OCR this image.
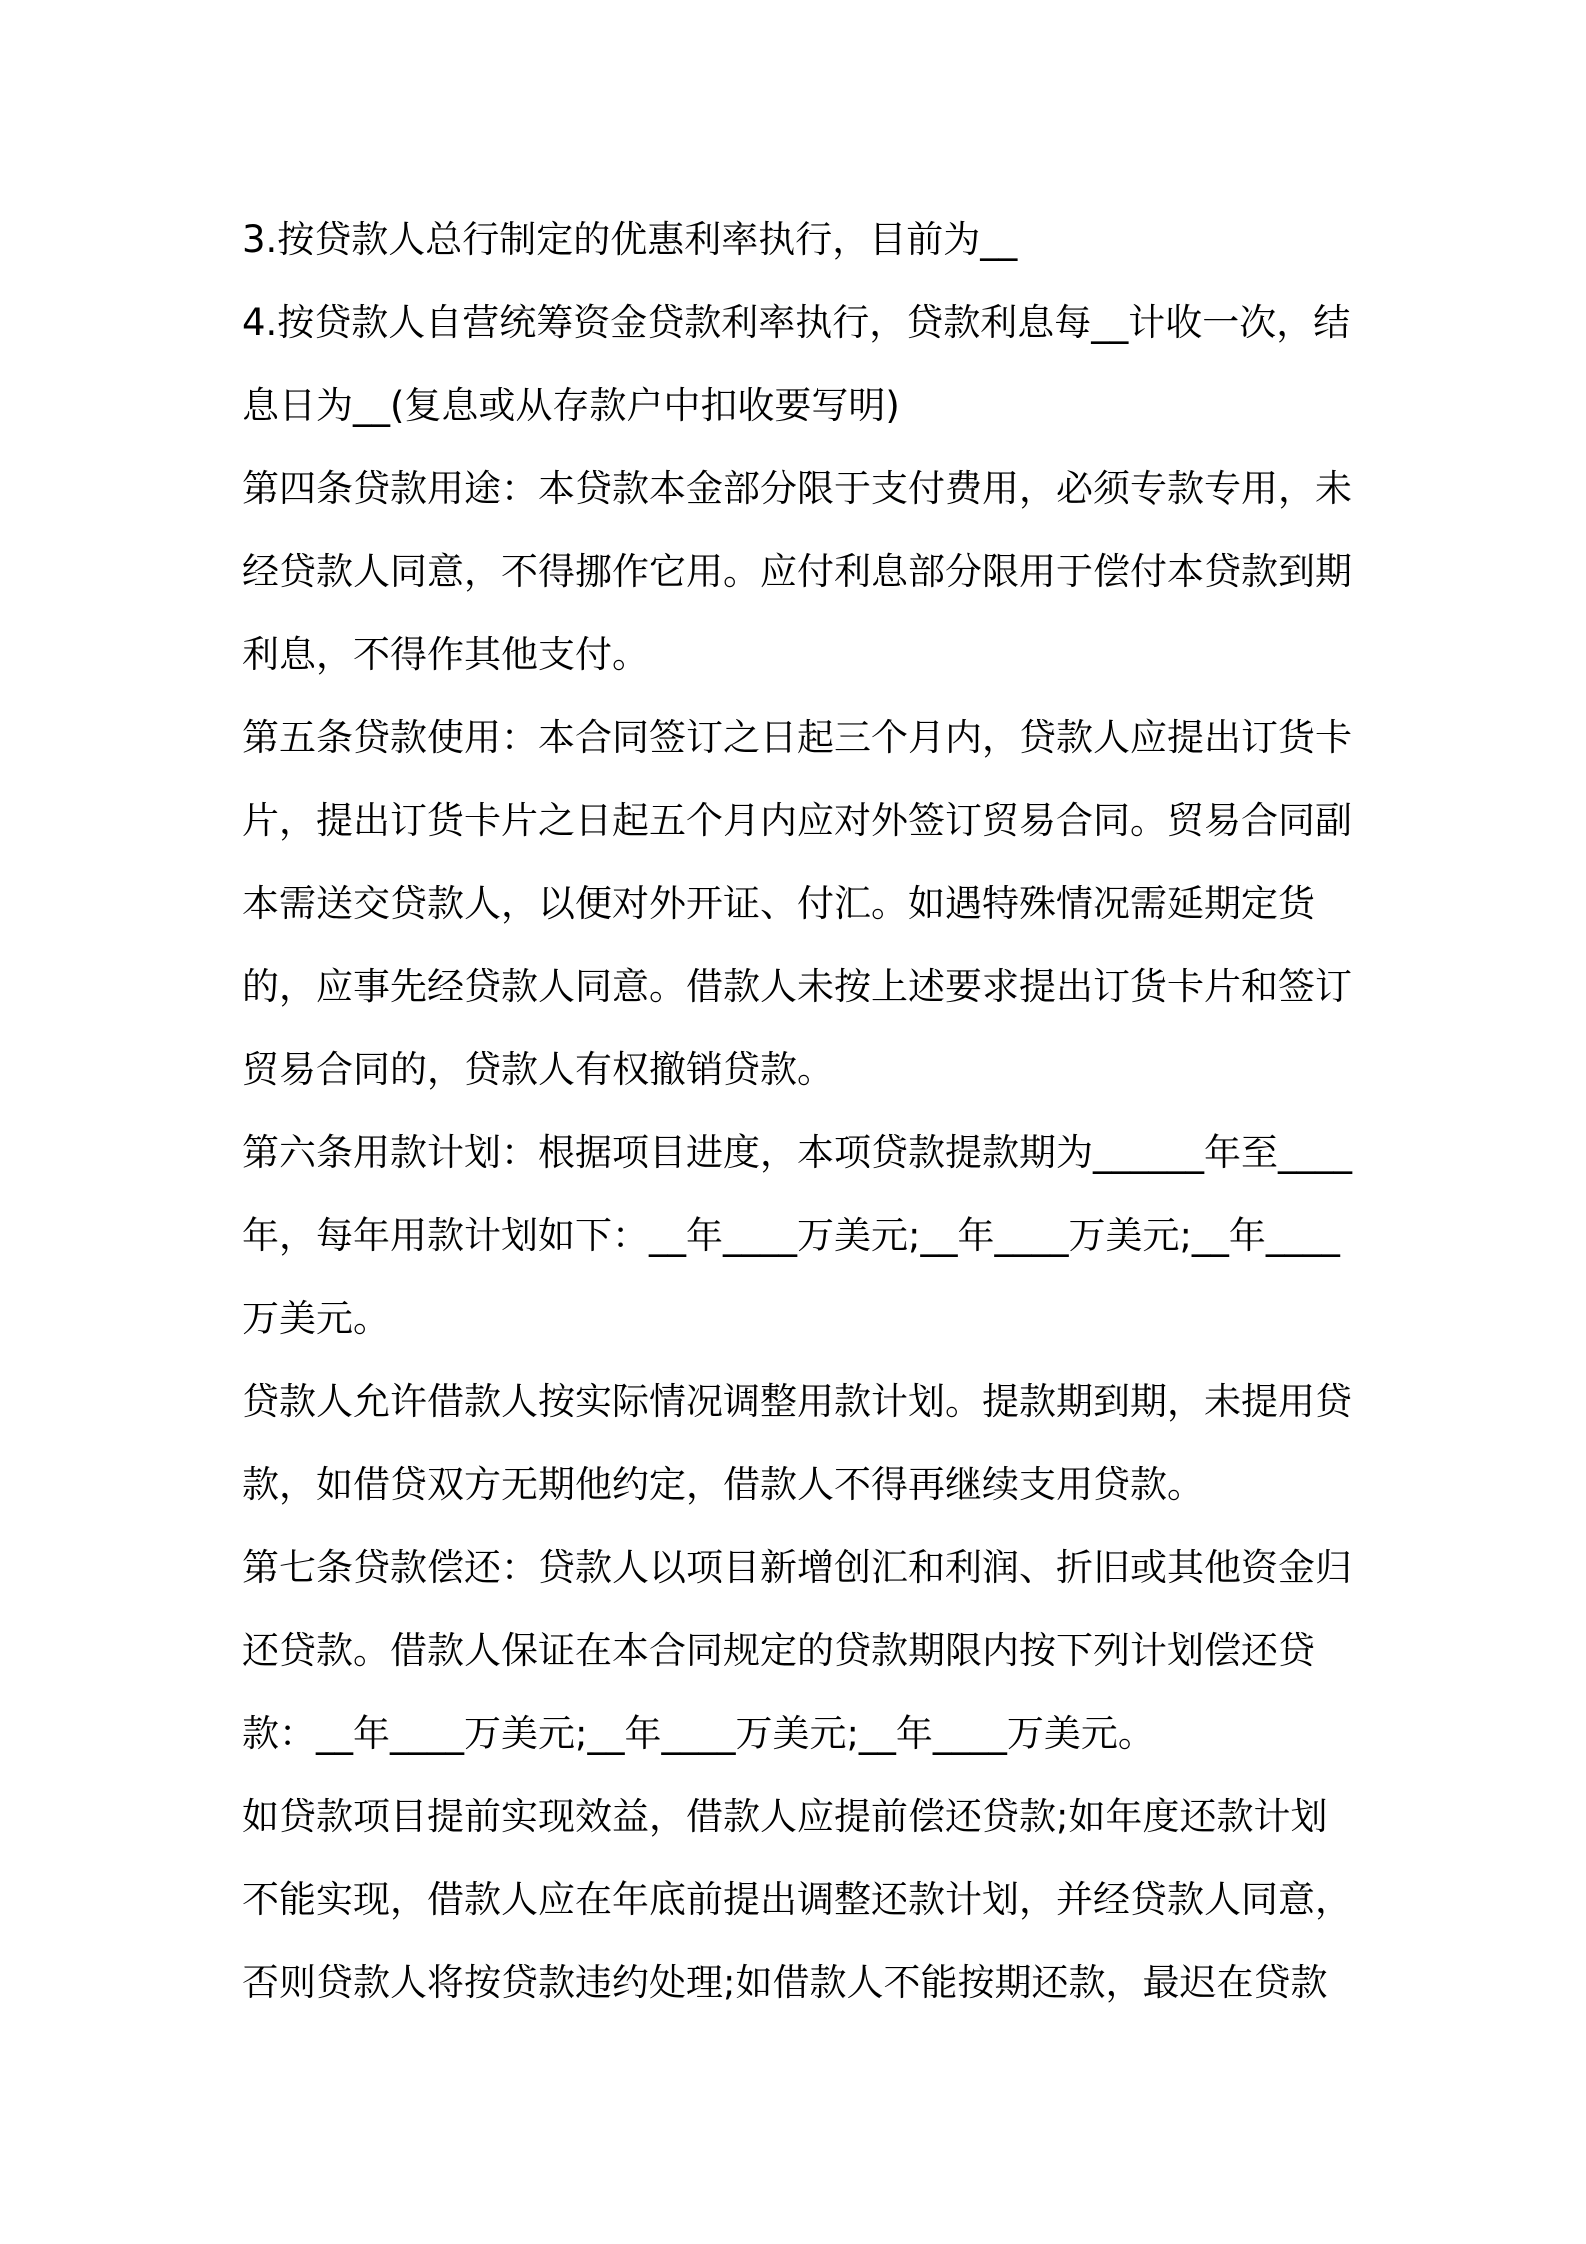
3.按贷款人总行制定的优惠利率执行，目前为__

4.按贷款人自营统筹资金贷款利率执行，贷款利息每__计收一次，结息日为__(复息或从存款户中扣收要写明)

第四条贷款用途：本贷款本金部分限于支付费用，必须专款专用，未经贷款人同意，不得挪作它用。应付利息部分限用于偿付本贷款到期利息，不得作其他支付。

第五条贷款使用：本合同签订之日起三个月内，贷款人应提出订货卡片，提出订货卡片之日起五个月内应对外签订贸易合同。贸易合同副本需送交贷款人，以便对外开证、付汇。如遇特殊情况需延期定货的，应事先经贷款人同意。借款人未按上述要求提出订货卡片和签订贸易合同的，贷款人有权撤销贷款。

第六条用款计划：根据项目进度，本项贷款提款期为______年至____年，每年用款计划如下：__年____万美元;__年____万美元;__年____万美元。

贷款人允许借款人按实际情况调整用款计划。提款期到期，未提用贷款，如借贷双方无期他约定，借款人不得再继续支用贷款。

第七条贷款偿还：贷款人以项目新增创汇和利润、折旧或其他资金归还贷款。借款人保证在本合同规定的贷款期限内按下列计划偿还贷款：__年____万美元;__年____万美元;__年____万美元。

如贷款项目提前实现效益，借款人应提前偿还贷款;如年度还款计划不能实现，借款人应在年底前提出调整还款计划，并经贷款人同意，否则贷款人将按贷款违约处理;如借款人不能按期还款，最迟在贷款
